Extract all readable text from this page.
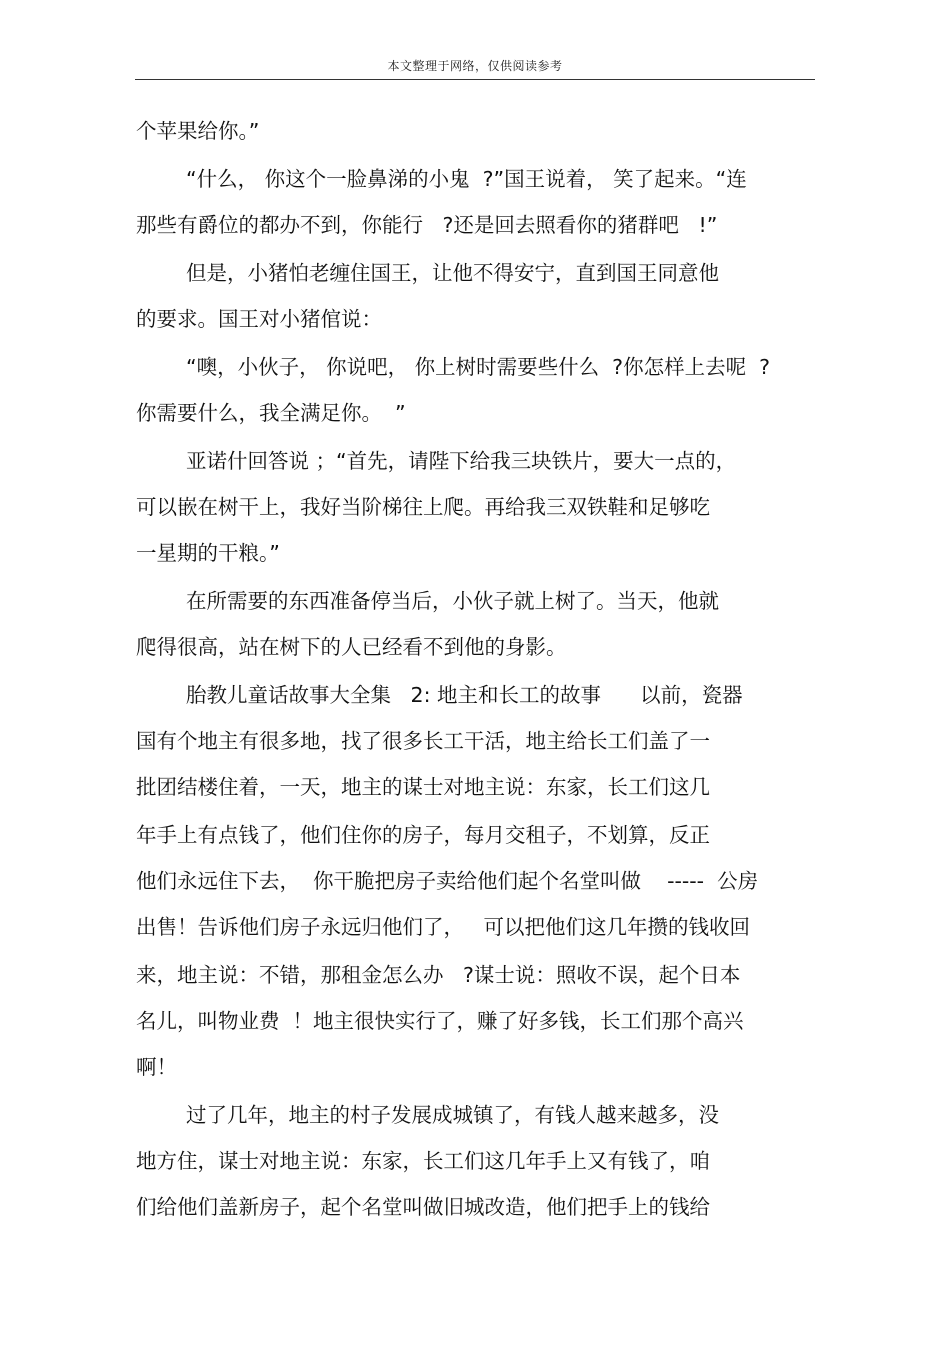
本文整理于网络，仅供阅读参考
个苹果给你。”
“什么， 你这个一脸鼻涕的小鬼  ?”国王说着， 笑了起来。“连
那些有爵位的都办不到，你能行   ?还是回去照看你的猪群吧   !”
但是，小猪怕老缠住国王，让他不得安宁，直到国王同意他
的要求。国王对小猪倌说：
“噢，小伙子， 你说吧， 你上树时需要些什么  ?你怎样上去呢  ?
你需要什么，我全满足你。  ”
亚诺什回答说 ；“首先，请陛下给我三块铁片，要大一点的，
可以嵌在树干上，我好当阶梯往上爬。再给我三双铁鞋和足够吃
一星期的干粮。”
在所需要的东西准备停当后，小伙子就上树了。当天，他就
爬得很高，站在树下的人已经看不到他的身影。
胎教儿童话故事大全集   2: 地主和长工的故事      以前，瓷器
国有个地主有很多地，找了很多长工干活，地主给长工们盖了一
批团结楼住着，一天，地主的谋士对地主说：东家，长工们这几
年手上有点钱了，他们住你的房子，每月交租子，不划算，反正
他们永远住下去，  你干脆把房子卖给他们起个名堂叫做    -----  公房
出售！告诉他们房子永远归他们了，   可以把他们这几年攒的钱收回
来，地主说：不错，那租金怎么办   ?谋士说：照收不误，起个日本
名儿，叫物业费  ！地主很快实行了，赚了好多钱，长工们那个高兴
啊！
过了几年，地主的村子发展成城镇了，有钱人越来越多，没
地方住，谋士对地主说：东家，长工们这几年手上又有钱了，咱
们给他们盖新房子，起个名堂叫做旧城改造，他们把手上的钱给
